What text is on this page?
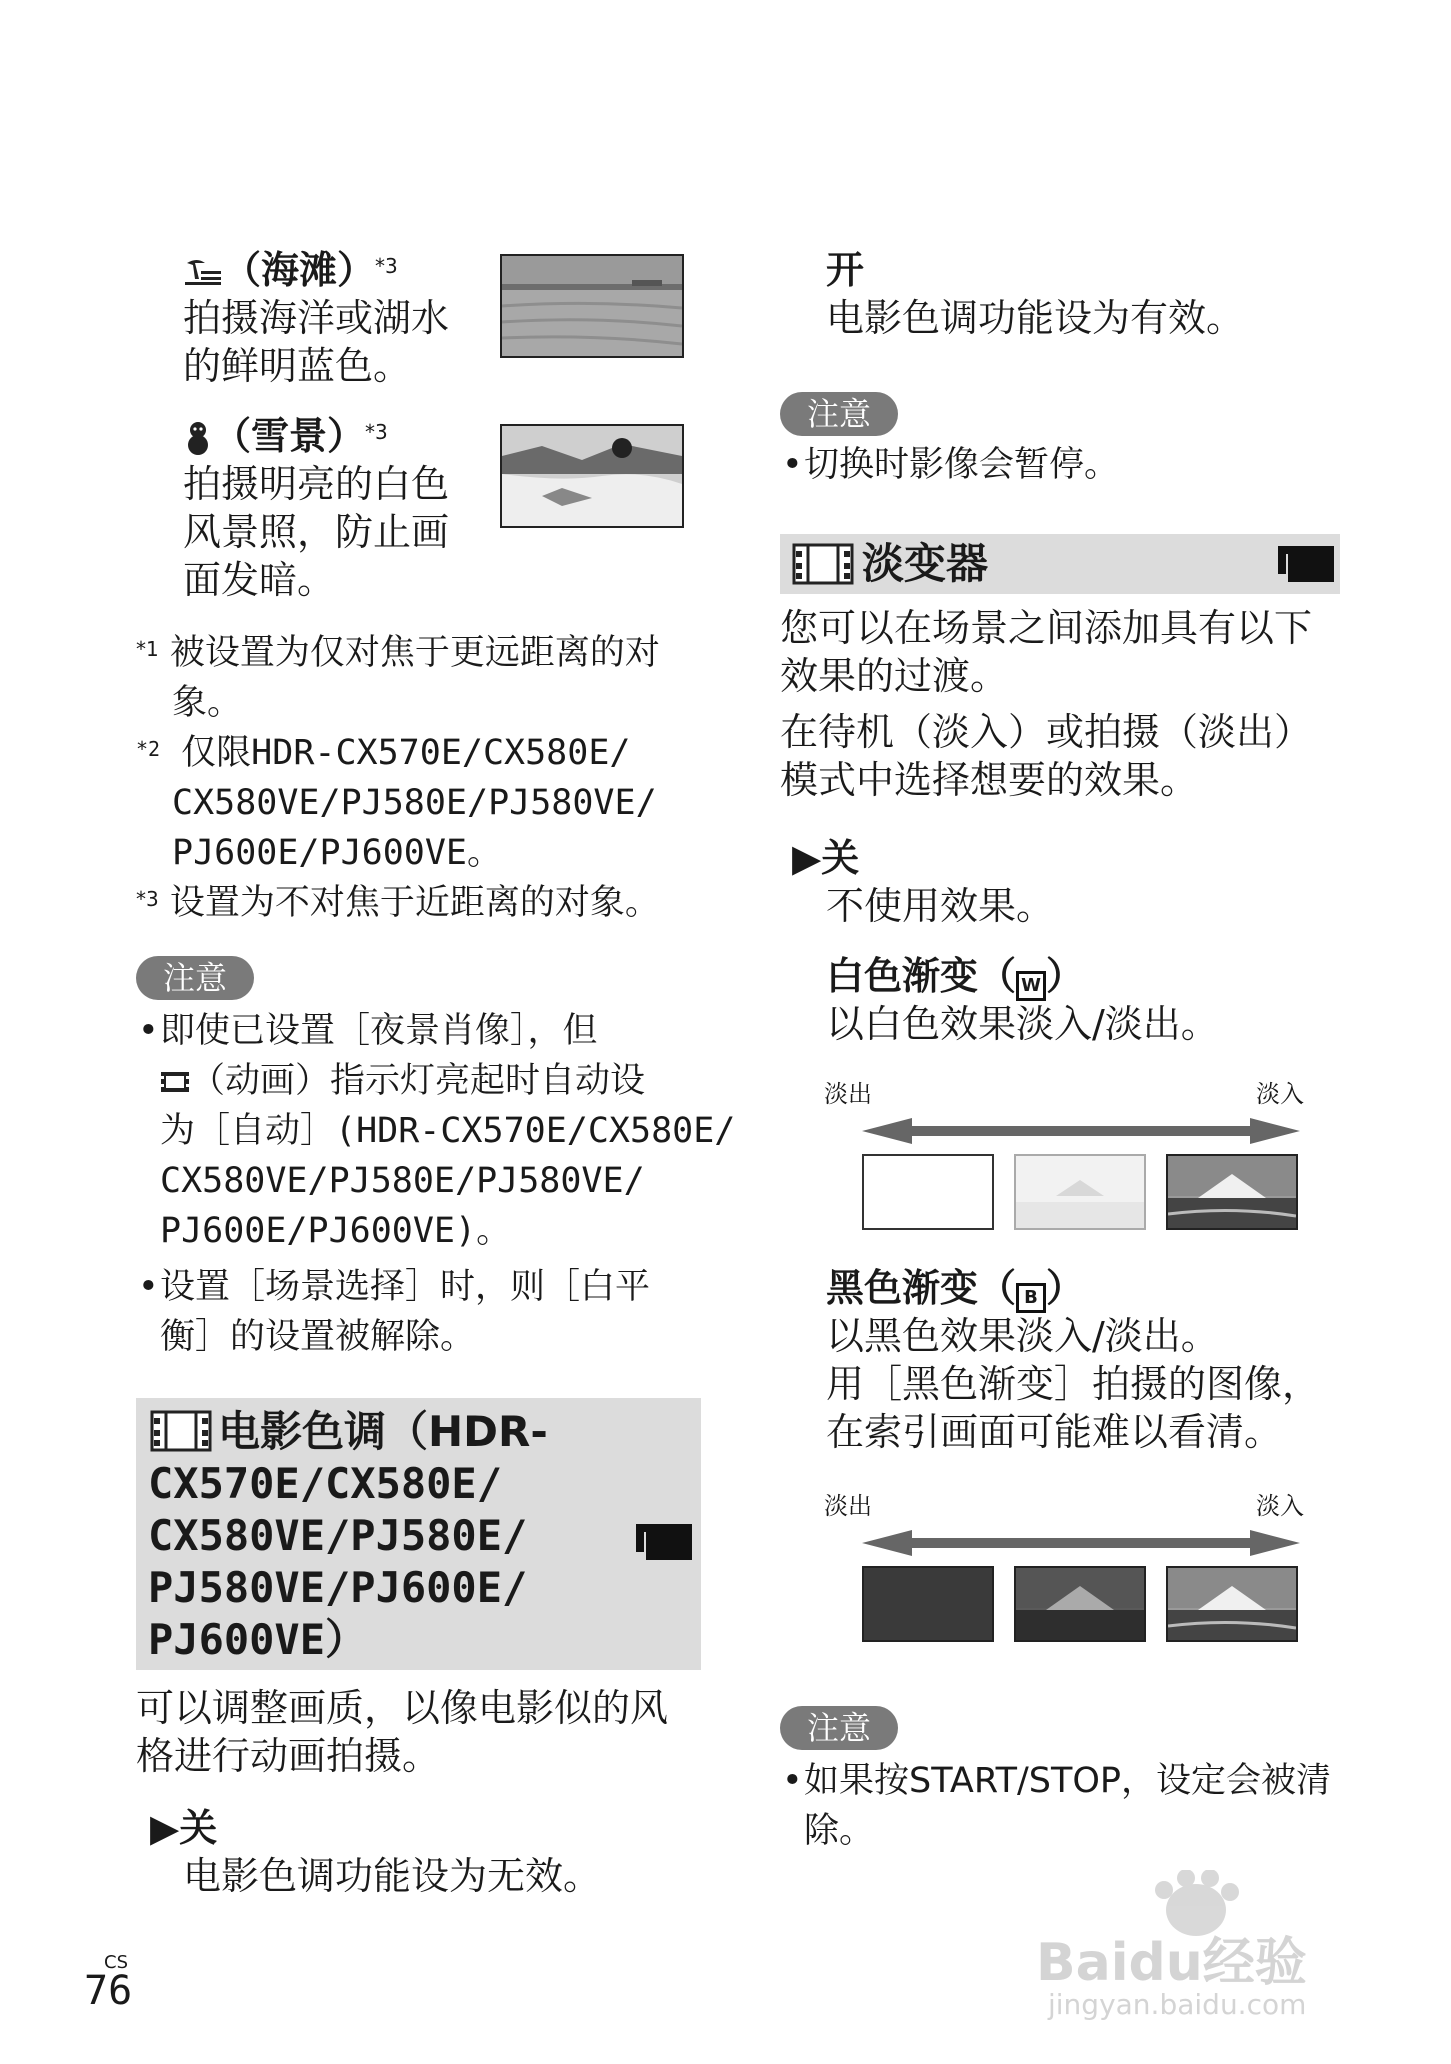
（海滩）$^{*3}$
拍摄海洋或湖水
的鲜明蓝色。
（雪景）$^{*3}$
拍摄明亮的白色
风景照，防止画
面发暗。
$^{*1}$ 被设置为仅对焦于更远距离的对
象。
$^{*2}$ 仅限HDR-CX570E/CX580E/
CX580VE/PJ580E/PJ580VE/
PJ600E/PJ600VE。
$^{*3}$ 设置为不对焦于近距离的对象。
注意
• 即使已设置［夜景肖像］，但
（动画）指示灯亮起时自动设
为［自动］(HDR-CX570E/CX580E/
CX580VE/PJ580E/PJ580VE/
PJ600E/PJ600VE)。
• 设置［场景选择］时，则［白平
衡］的设置被解除。
电影色调（HDR-
CX570E/CX580E/
CX580VE/PJ580E/
PJ580VE/PJ600E/
PJ600VE）
可以调整画质，以像电影似的风
格进行动画拍摄。
▶关
电影色调功能设为无效。
开
电影色调功能设为有效。
注意
• 切换时影像会暂停。
淡变器
您可以在场景之间添加具有以下
效果的过渡。
在待机（淡入）或拍摄（淡出）
模式中选择想要的效果。
▶关
不使用效果。
白色渐变（ W ）
以白色效果淡入/淡出。
淡出	淡入
黑色渐变（ B ）
以黑色效果淡入/淡出。
用［黑色渐变］拍摄的图像，
在索引画面可能难以看清。
淡出	淡入
注意
• 如果按START/STOP，设定会被清
除。
CS
76	Baidu经验
jingyan.baidu.com
